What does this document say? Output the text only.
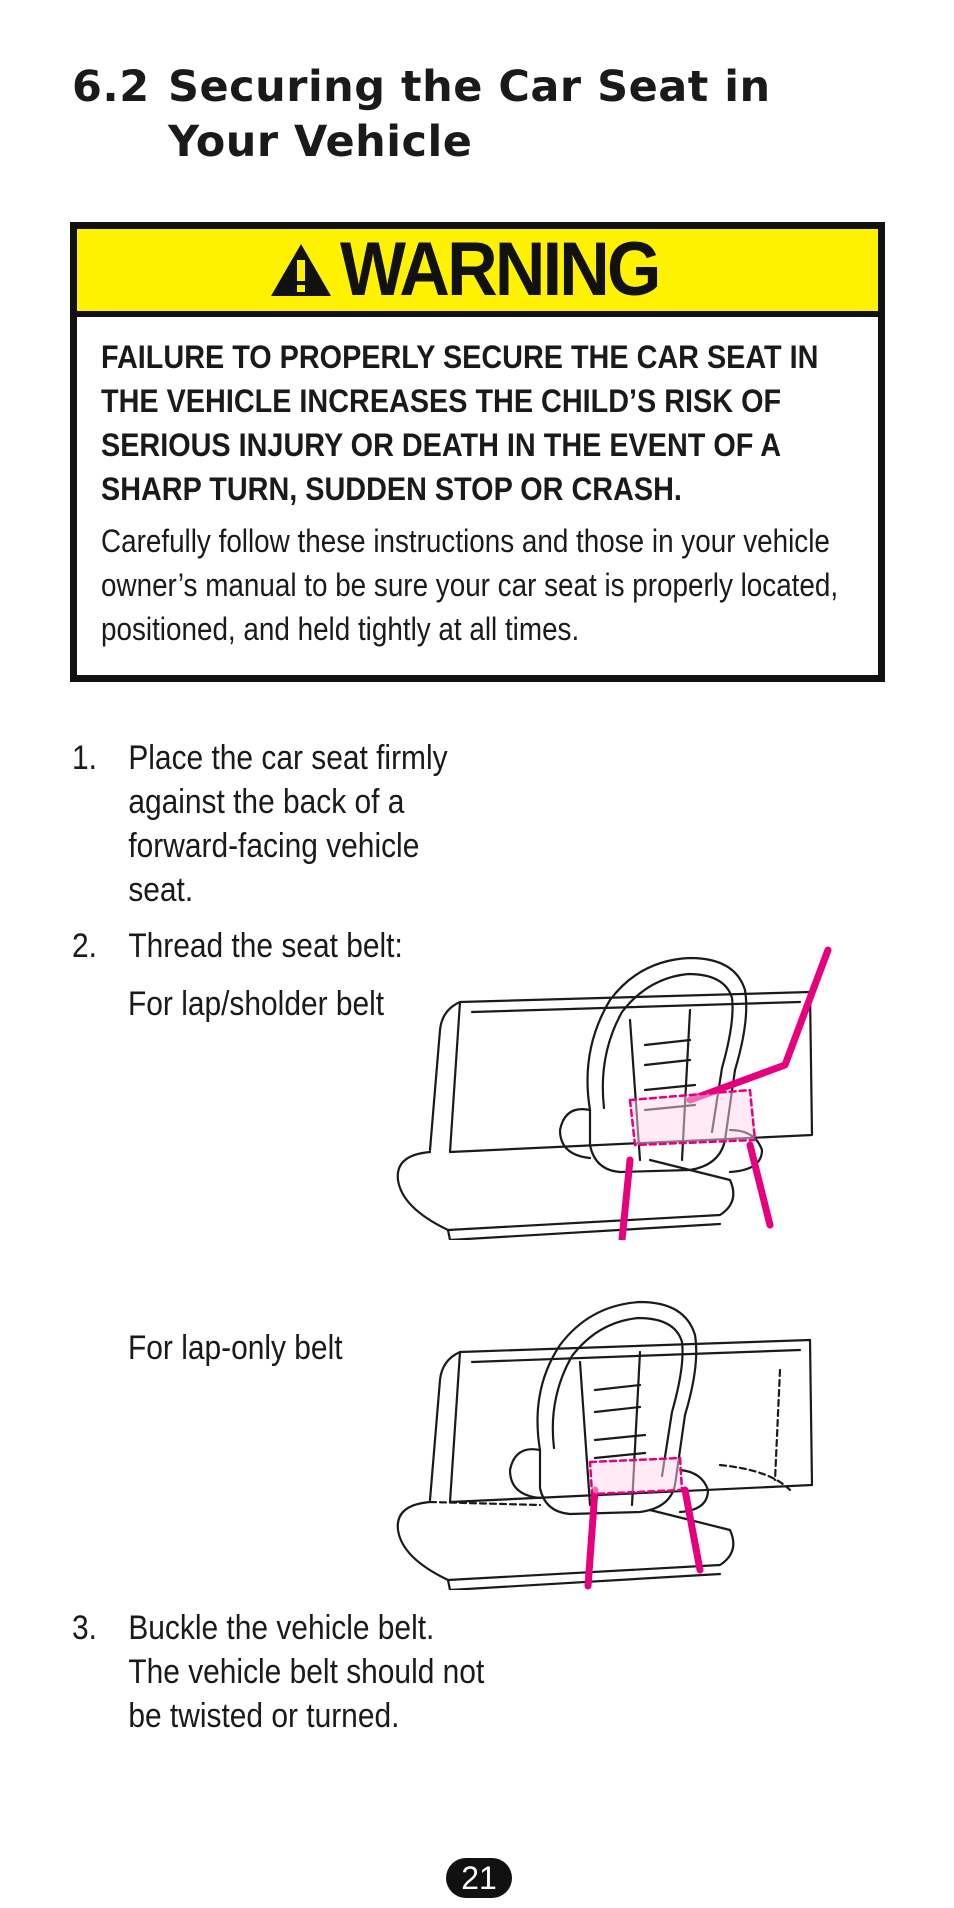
6.2 Securing the Car Seat in
Your Vehicle
WARNING
FAILURE TO PROPERLY SECURE THE CAR SEAT IN THE VEHICLE INCREASES THE CHILD’S RISK OF SERIOUS INJURY OR DEATH IN THE EVENT OF A SHARP TURN, SUDDEN STOP OR CRASH.
Carefully follow these instructions and those in your vehicle owner’s manual to be sure your car seat is properly located, positioned, and held tightly at all times.
1. Place the car seat firmly against the back of a forward-facing vehicle seat.
2. Thread the seat belt:
For lap/sholder belt
For lap-only belt
3. Buckle the vehicle belt. The vehicle belt should not be twisted or turned.
21
